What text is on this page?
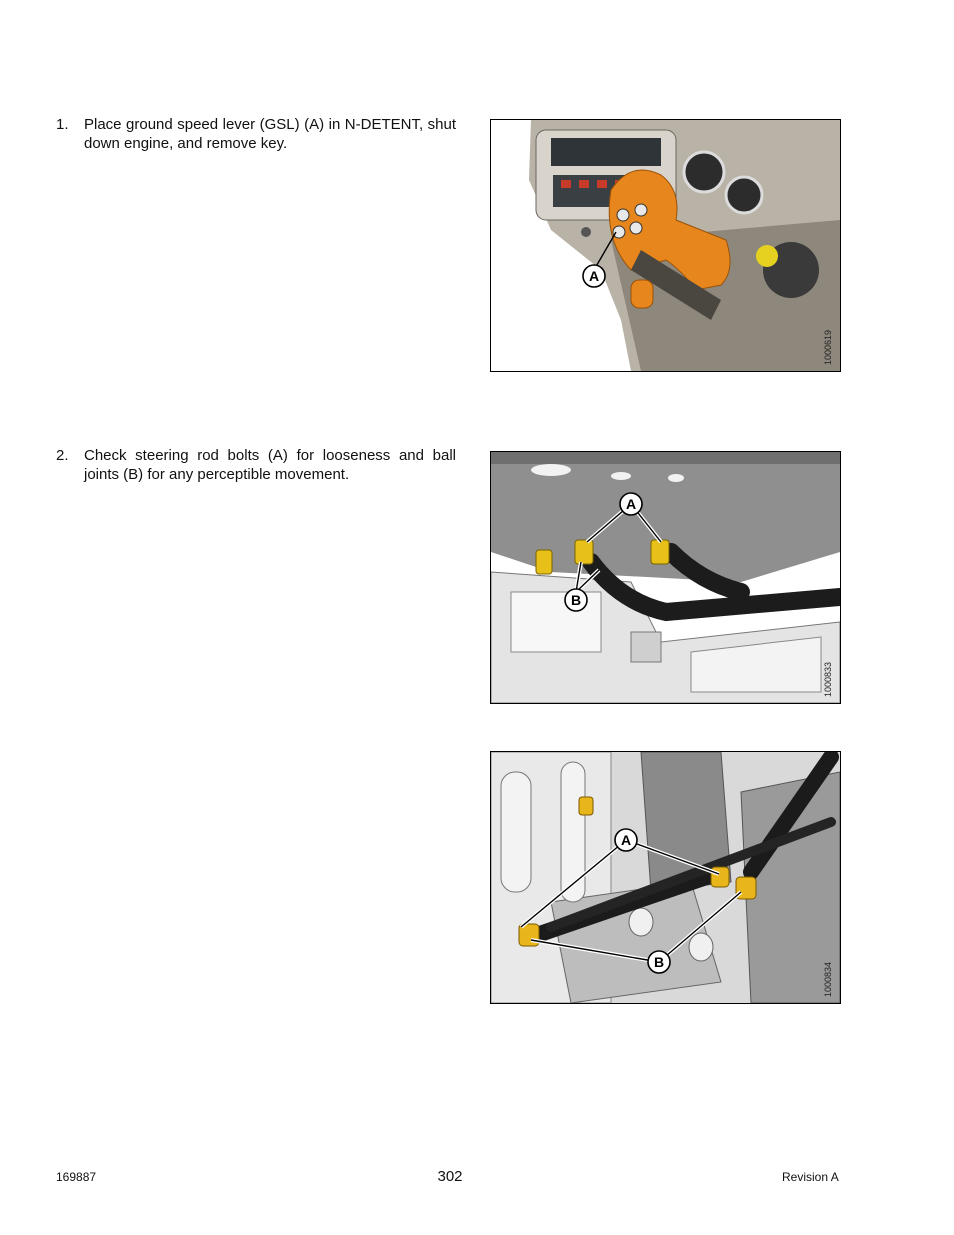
1. Place ground speed lever (GSL) (A) in N-DETENT, shut down engine, and remove key.
A
1000619
2. Check steering rod bolts (A) for looseness and ball joints (B) for any perceptible movement.
A
B
1000833
A
B	1000834
169887	302	Revision A
